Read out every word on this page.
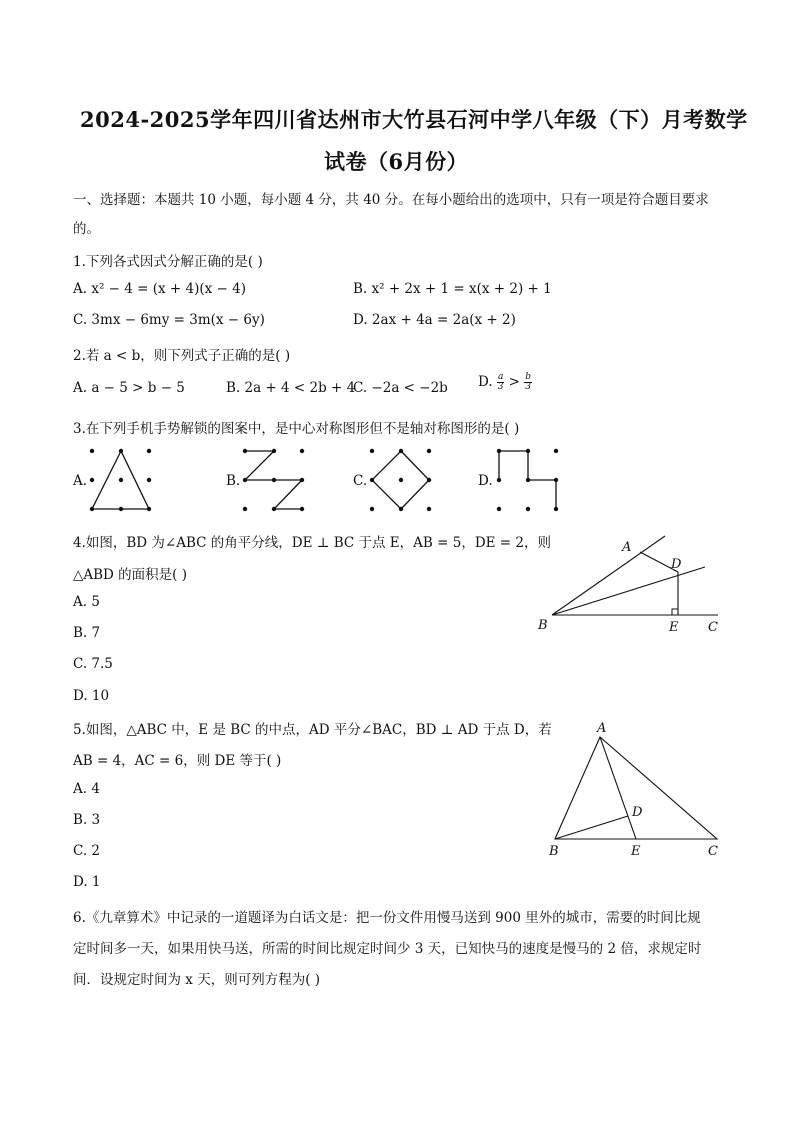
2024-2025学年四川省达州市大竹县石河中学八年级（下）月考数学
试卷（6月份）
一、选择题：本题共 10 小题，每小题 4 分，共 40 分。在每小题给出的选项中，只有一项是符合题目要求
的。
1.下列各式因式分解正确的是( )
A. x² − 4 = (x + 4)(x − 4)	B. x² + 2x + 1 = x(x + 2) + 1
C. 3mx − 6my = 3m(x − 6y)	D. 2ax + 4a = 2a(x + 2)
2.若 a < b，则下列式子正确的是( )
A. a − 5 > b − 5	B. 2a + 4 < 2b + 4
C. −2a < −2b D. $\frac{a}{3} > \frac{b}{3}$
3.在下列手机手势解锁的图案中，是中心对称图形但不是轴对称图形的是( )
A.	B.	C.	D.
4.如图，BD 为∠ABC 的角平分线，DE ⊥ BC 于点 E，AB = 5，DE = 2，则
△ABD 的面积是( )
A. 5
B. 7
C. 7.5
D. 10
A
D
B	E C
5.如图，△ABC 中，E 是 BC 的中点，AD 平分∠BAC，BD ⊥ AD 于点 D，若
AB = 4，AC = 6，则 DE 等于( )
A. 4
B. 3
C. 2
D. 1
A
D
B	E	C
6.《九章算术》中记录的一道题译为白话文是：把一份文件用慢马送到 900 里外的城市，需要的时间比规
定时间多一天，如果用快马送，所需的时间比规定时间少 3 天，已知快马的速度是慢马的 2 倍，求规定时
间．设规定时间为 x 天，则可列方程为( )
